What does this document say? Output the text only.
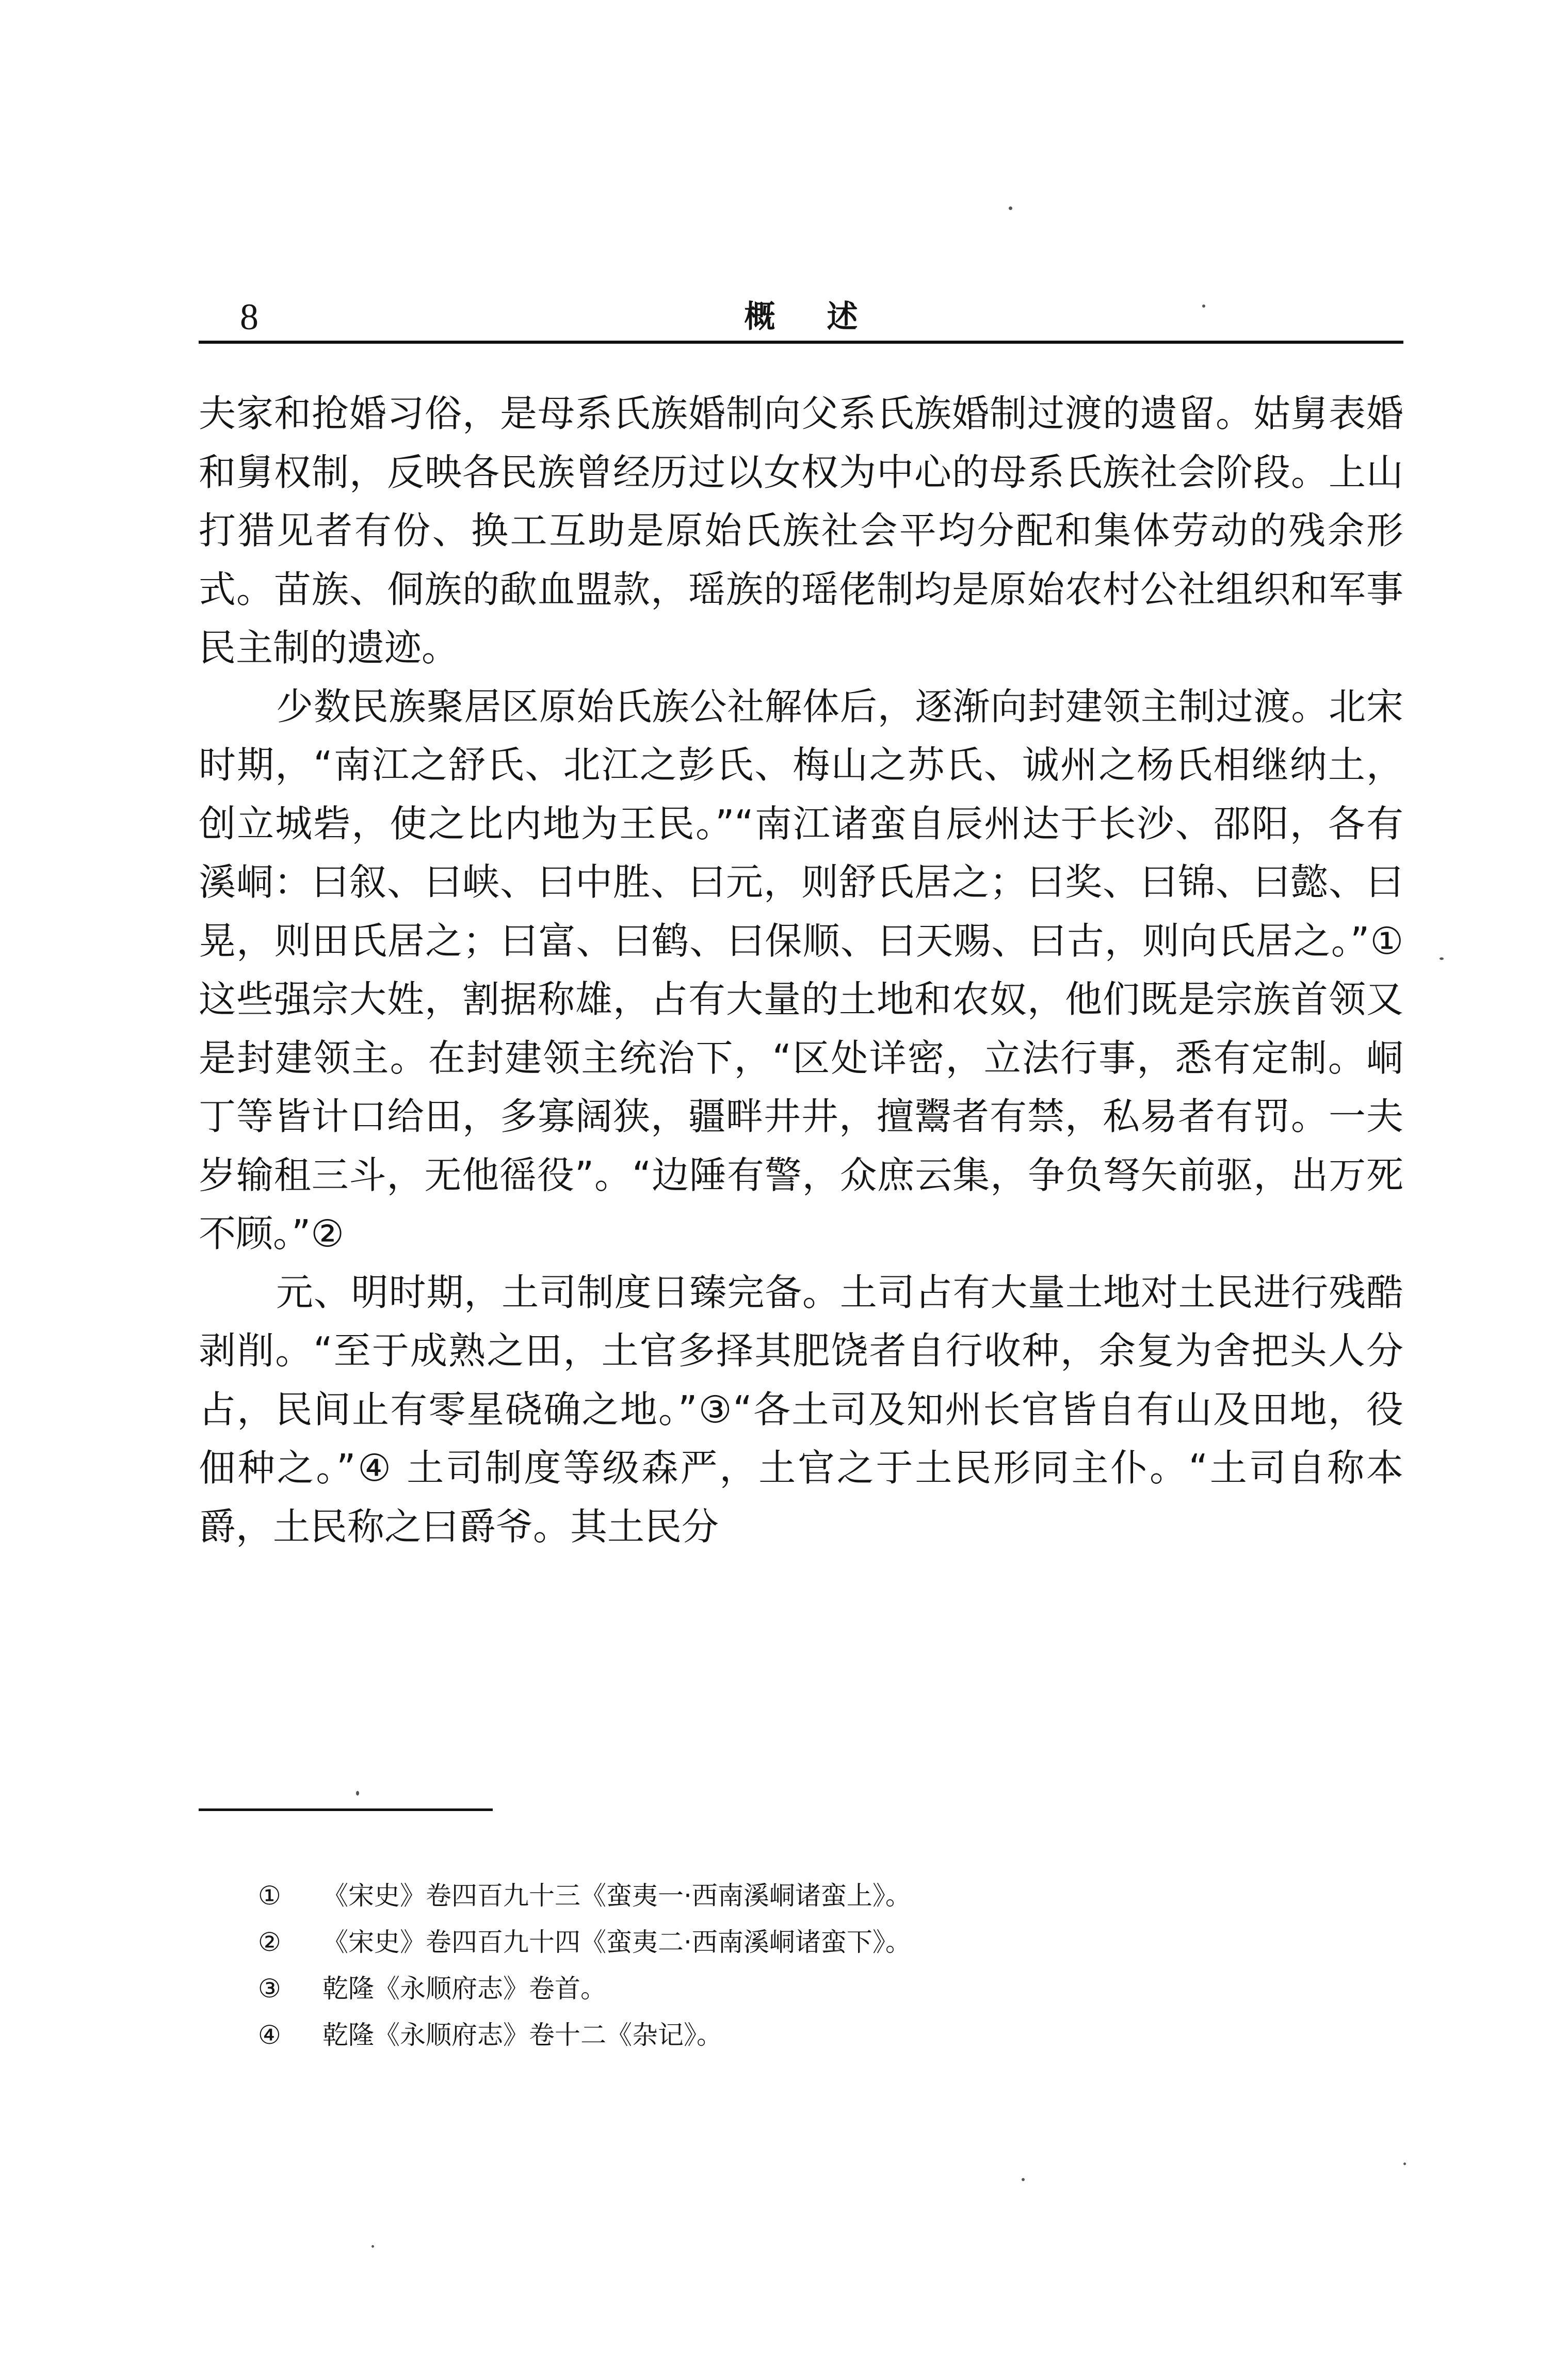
8	概述

夫家和抢婚习俗，是母系氏族婚制向父系氏族婚制过渡的遗留。姑舅表婚和舅权制，反映各民族曾经历过以女权为中心的母系氏族社会阶段。上山打猎见者有份、换工互助是原始氏族社会平均分配和集体劳动的残余形式。苗族、侗族的歃血盟款，瑶族的瑶佬制均是原始农村公社组织和军事民主制的遗迹。

少数民族聚居区原始氏族公社解体后，逐渐向封建领主制过渡。北宋时期，“南江之舒氏、北江之彭氏、梅山之苏氏、诚州之杨氏相继纳土，创立城砦，使之比内地为王民。”“南江诸蛮自辰州达于长沙、邵阳，各有溪峒：曰叙、曰峡、曰中胜、曰元，则舒氏居之；曰奖、曰锦、曰懿、曰晃，则田氏居之；曰富、曰鹤、曰保顺、曰天赐、曰古，则向氏居之。”① 这些强宗大姓，割据称雄，占有大量的土地和农奴，他们既是宗族首领又是封建领主。在封建领主统治下，“区处详密，立法行事，悉有定制。峒丁等皆计口给田，多寡阔狭，疆畔井井，擅鬻者有禁，私易者有罚。一夫岁输租三斗，无他徭役”。“边陲有警，众庶云集，争负弩矢前驱，出万死不顾。”②

元、明时期，土司制度日臻完备。土司占有大量土地对土民进行残酷剥削。“至于成熟之田，土官多择其肥饶者自行收种，余复为舍把头人分占，民间止有零星硗确之地。”③“各土司及知州长官皆自有山及田地，役佃种之。”④ 土司制度等级森严，土官之于土民形同主仆。“土司自称本爵，土民称之曰爵爷。其土民分

① 《宋史》卷四百九十三《蛮夷一·西南溪峒诸蛮上》。
② 《宋史》卷四百九十四《蛮夷二·西南溪峒诸蛮下》。
③ 乾隆《永顺府志》卷首。
④ 乾隆《永顺府志》卷十二《杂记》。
